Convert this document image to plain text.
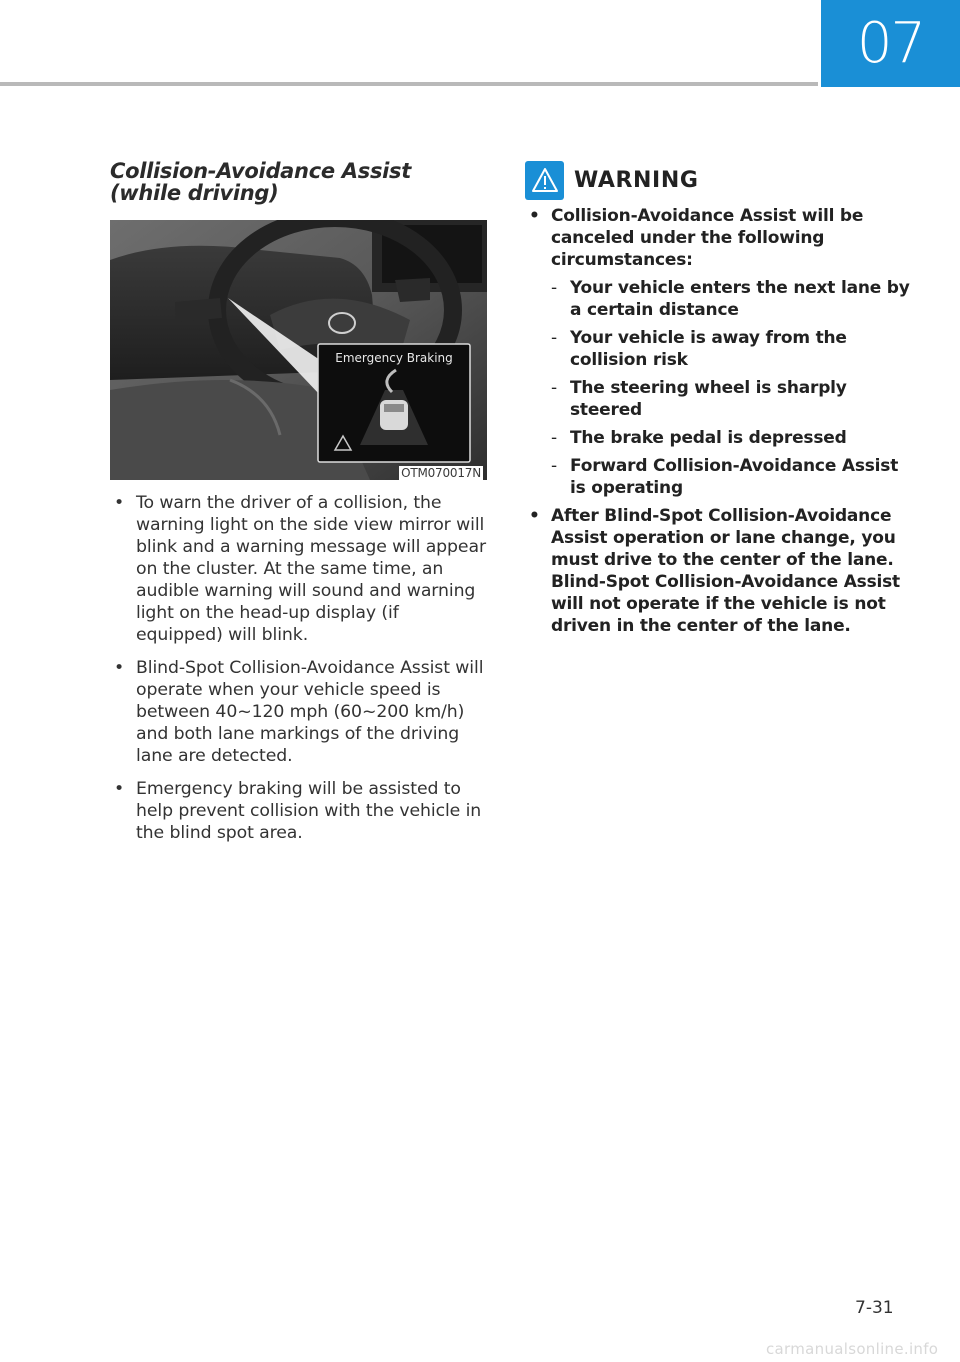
07
Collision-Avoidance Assist (while driving)
Emergency Braking
OTM070017N
• To warn the driver of a collision, the warning light on the side view mirror will blink and a warning message will appear on the cluster. At the same time, an audible warning will sound and warning light on the head-up display (if equipped) will blink.
• Blind-Spot Collision-Avoidance Assist will operate when your vehicle speed is between 40~120 mph (60~200 km/h) and both lane markings of the driving lane are detected.
• Emergency braking will be assisted to help prevent collision with the vehicle in the blind spot area.
WARNING
• Collision-Avoidance Assist will be canceled under the following circumstances:
- Your vehicle enters the next lane by a certain distance
- Your vehicle is away from the collision risk
- The steering wheel is sharply steered
- The brake pedal is depressed
- Forward Collision-Avoidance Assist is operating
• After Blind-Spot Collision-Avoidance Assist operation or lane change, you must drive to the center of the lane. Blind-Spot Collision-Avoidance Assist will not operate if the vehicle is not driven in the center of the lane.
7-31
carmanualsonline.info
